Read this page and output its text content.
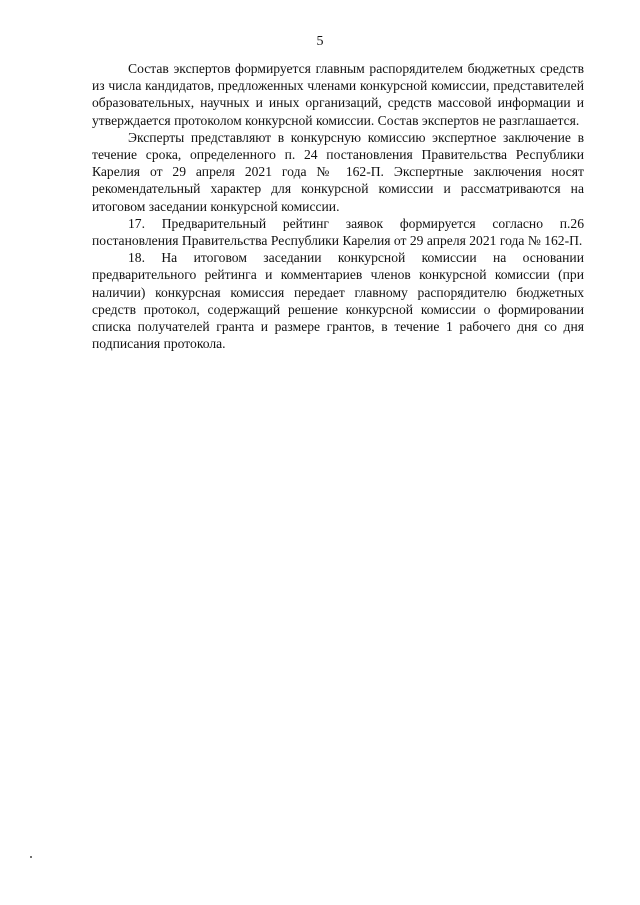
5

Состав экспертов формируется главным распорядителем бюджетных средств из числа кандидатов, предложенных членами конкурсной комиссии, представителей образовательных, научных и иных организаций, средств массовой информации и утверждается протоколом конкурсной комиссии. Состав экспертов не разглашается.

Эксперты представляют в конкурсную комиссию экспертное заключение в течение срока, определенного п. 24 постановления Правительства Республики Карелия от 29 апреля 2021 года № 162-П. Экспертные заключения носят рекомендательный характер для конкурсной комиссии и рассматриваются на итоговом заседании конкурсной комиссии.

17. Предварительный рейтинг заявок формируется согласно п.26 постановления Правительства Республики Карелия от 29 апреля 2021 года № 162-П.

18. На итоговом заседании конкурсной комиссии на основании предварительного рейтинга и комментариев членов конкурсной комиссии (при наличии) конкурсная комиссия передает главному распорядителю бюджетных средств протокол, содержащий решение конкурсной комиссии о формировании списка получателей гранта и размере грантов, в течение 1 рабочего дня со дня подписания протокола.
